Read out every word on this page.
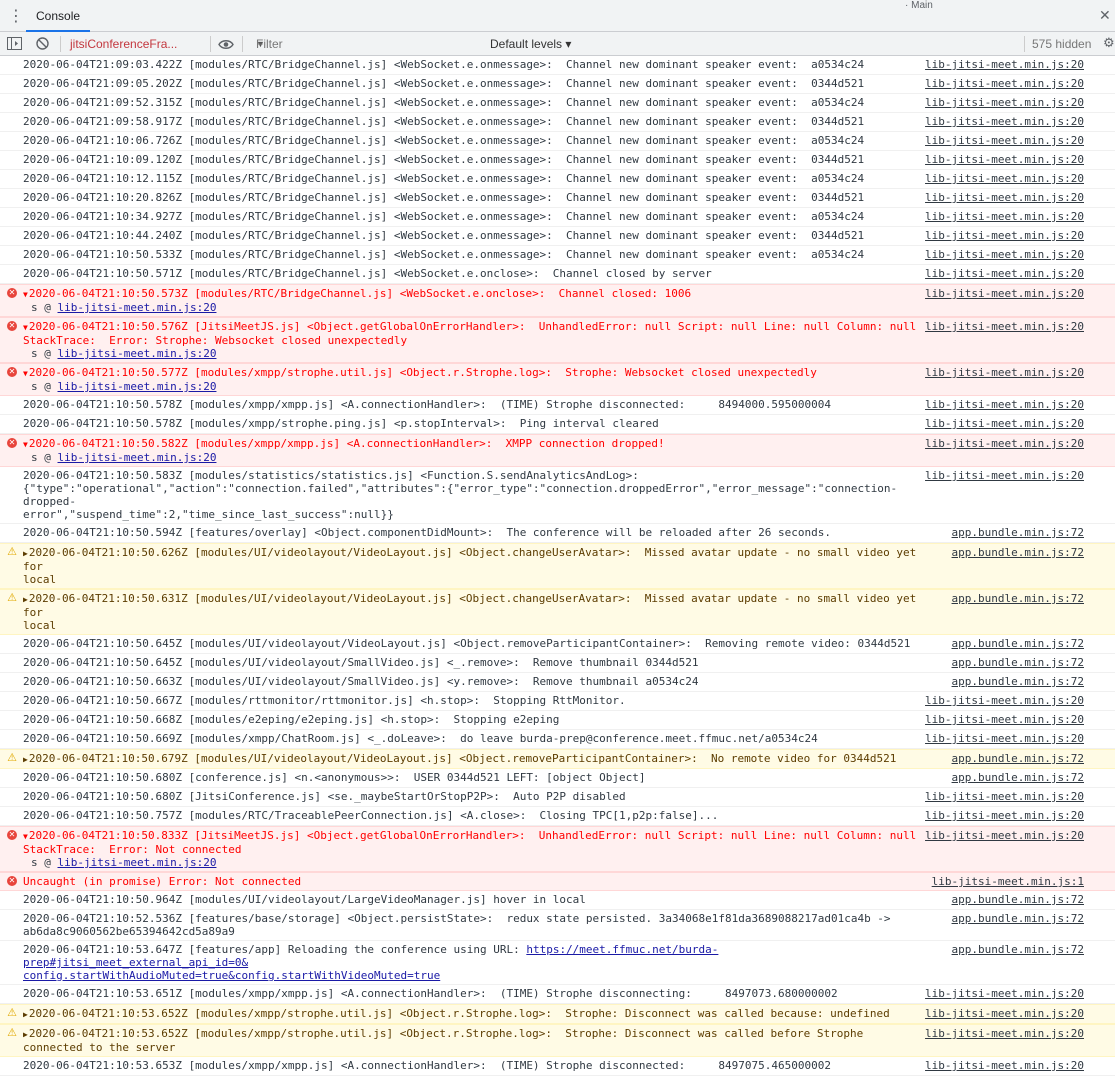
⋮	Console
· Main
✕
jitsiConferenceFra...	▼
Filter	Default levels ▾	575 hidden ⚙
2020-06-04T21:09:03.422Z [modules/RTC/BridgeChannel.js] <WebSocket.e.onmessage>:  Channel new dominant speaker event:  a0534c24	lib-jitsi-meet.min.js:20
2020-06-04T21:09:05.202Z [modules/RTC/BridgeChannel.js] <WebSocket.e.onmessage>:  Channel new dominant speaker event:  0344d521	lib-jitsi-meet.min.js:20
2020-06-04T21:09:52.315Z [modules/RTC/BridgeChannel.js] <WebSocket.e.onmessage>:  Channel new dominant speaker event:  a0534c24	lib-jitsi-meet.min.js:20
2020-06-04T21:09:58.917Z [modules/RTC/BridgeChannel.js] <WebSocket.e.onmessage>:  Channel new dominant speaker event:  0344d521	lib-jitsi-meet.min.js:20
2020-06-04T21:10:06.726Z [modules/RTC/BridgeChannel.js] <WebSocket.e.onmessage>:  Channel new dominant speaker event:  a0534c24	lib-jitsi-meet.min.js:20
2020-06-04T21:10:09.120Z [modules/RTC/BridgeChannel.js] <WebSocket.e.onmessage>:  Channel new dominant speaker event:  0344d521	lib-jitsi-meet.min.js:20
2020-06-04T21:10:12.115Z [modules/RTC/BridgeChannel.js] <WebSocket.e.onmessage>:  Channel new dominant speaker event:  a0534c24	lib-jitsi-meet.min.js:20
2020-06-04T21:10:20.826Z [modules/RTC/BridgeChannel.js] <WebSocket.e.onmessage>:  Channel new dominant speaker event:  0344d521	lib-jitsi-meet.min.js:20
2020-06-04T21:10:34.927Z [modules/RTC/BridgeChannel.js] <WebSocket.e.onmessage>:  Channel new dominant speaker event:  a0534c24	lib-jitsi-meet.min.js:20
2020-06-04T21:10:44.240Z [modules/RTC/BridgeChannel.js] <WebSocket.e.onmessage>:  Channel new dominant speaker event:  0344d521	lib-jitsi-meet.min.js:20
2020-06-04T21:10:50.533Z [modules/RTC/BridgeChannel.js] <WebSocket.e.onmessage>:  Channel new dominant speaker event:  a0534c24	lib-jitsi-meet.min.js:20
2020-06-04T21:10:50.571Z [modules/RTC/BridgeChannel.js] <WebSocket.e.onclose>:  Channel closed by server	lib-jitsi-meet.min.js:20
✕ ▼2020-06-04T21:10:50.573Z [modules/RTC/BridgeChannel.js] <WebSocket.e.onclose>:  Channel closed: 1006
s @ lib-jitsi-meet.min.js:20
lib-jitsi-meet.min.js:20
✕ ▼2020-06-04T21:10:50.576Z [JitsiMeetJS.js] <Object.getGlobalOnErrorHandler>:  UnhandledError: null Script: null Line: null Column: null
StackTrace:  Error: Strophe: Websocket closed unexpectedly
s @ lib-jitsi-meet.min.js:20
lib-jitsi-meet.min.js:20
✕ ▼2020-06-04T21:10:50.577Z [modules/xmpp/strophe.util.js] <Object.r.Strophe.log>:  Strophe: Websocket closed unexpectedly
s @ lib-jitsi-meet.min.js:20
lib-jitsi-meet.min.js:20
2020-06-04T21:10:50.578Z [modules/xmpp/xmpp.js] <A.connectionHandler>:  (TIME) Strophe disconnected:     8494000.595000004	lib-jitsi-meet.min.js:20
2020-06-04T21:10:50.578Z [modules/xmpp/strophe.ping.js] <p.stopInterval>:  Ping interval cleared	lib-jitsi-meet.min.js:20
✕ ▼2020-06-04T21:10:50.582Z [modules/xmpp/xmpp.js] <A.connectionHandler>:  XMPP connection dropped!
s @ lib-jitsi-meet.min.js:20
lib-jitsi-meet.min.js:20
2020-06-04T21:10:50.583Z [modules/statistics/statistics.js] <Function.S.sendAnalyticsAndLog>:
{"type":"operational","action":"connection.failed","attributes":{"error_type":"connection.droppedError","error_message":"connection-dropped-
error","suspend_time":2,"time_since_last_success":null}}
lib-jitsi-meet.min.js:20
2020-06-04T21:10:50.594Z [features/overlay] <Object.componentDidMount>:  The conference will be reloaded after 26 seconds.	app.bundle.min.js:72
⚠ ▶2020-06-04T21:10:50.626Z [modules/UI/videolayout/VideoLayout.js] <Object.changeUserAvatar>:  Missed avatar update - no small video yet for
local
app.bundle.min.js:72
⚠ ▶2020-06-04T21:10:50.631Z [modules/UI/videolayout/VideoLayout.js] <Object.changeUserAvatar>:  Missed avatar update - no small video yet for
local
app.bundle.min.js:72
2020-06-04T21:10:50.645Z [modules/UI/videolayout/VideoLayout.js] <Object.removeParticipantContainer>:  Removing remote video: 0344d521	app.bundle.min.js:72
2020-06-04T21:10:50.645Z [modules/UI/videolayout/SmallVideo.js] <_.remove>:  Remove thumbnail 0344d521	app.bundle.min.js:72
2020-06-04T21:10:50.663Z [modules/UI/videolayout/SmallVideo.js] <y.remove>:  Remove thumbnail a0534c24	app.bundle.min.js:72
2020-06-04T21:10:50.667Z [modules/rttmonitor/rttmonitor.js] <h.stop>:  Stopping RttMonitor.	lib-jitsi-meet.min.js:20
2020-06-04T21:10:50.668Z [modules/e2eping/e2eping.js] <h.stop>:  Stopping e2eping	lib-jitsi-meet.min.js:20
2020-06-04T21:10:50.669Z [modules/xmpp/ChatRoom.js] <_.doLeave>:  do leave burda-prep@conference.meet.ffmuc.net/a0534c24	lib-jitsi-meet.min.js:20
⚠ ▶2020-06-04T21:10:50.679Z [modules/UI/videolayout/VideoLayout.js] <Object.removeParticipantContainer>:  No remote video for 0344d521	app.bundle.min.js:72
2020-06-04T21:10:50.680Z [conference.js] <n.<anonymous>>:  USER 0344d521 LEFT: [object Object]	app.bundle.min.js:72
2020-06-04T21:10:50.680Z [JitsiConference.js] <se._maybeStartOrStopP2P>:  Auto P2P disabled	lib-jitsi-meet.min.js:20
2020-06-04T21:10:50.757Z [modules/RTC/TraceablePeerConnection.js] <A.close>:  Closing TPC[1,p2p:false]...	lib-jitsi-meet.min.js:20
✕ ▼2020-06-04T21:10:50.833Z [JitsiMeetJS.js] <Object.getGlobalOnErrorHandler>:  UnhandledError: null Script: null Line: null Column: null
StackTrace:  Error: Not connected
s @ lib-jitsi-meet.min.js:20
lib-jitsi-meet.min.js:20
✕ Uncaught (in promise) Error: Not connected	lib-jitsi-meet.min.js:1
2020-06-04T21:10:50.964Z [modules/UI/videolayout/LargeVideoManager.js] hover in local	app.bundle.min.js:72
2020-06-04T21:10:52.536Z [features/base/storage] <Object.persistState>:  redux state persisted. 3a34068e1f81da3689088217ad01ca4b ->
ab6da8c9060562be65394642cd5a89a9
app.bundle.min.js:72
2020-06-04T21:10:53.647Z [features/app] Reloading the conference using URL: https://meet.ffmuc.net/burda-prep#jitsi_meet_external_api_id=0&
config.startWithAudioMuted=true&config.startWithVideoMuted=true
app.bundle.min.js:72
2020-06-04T21:10:53.651Z [modules/xmpp/xmpp.js] <A.connectionHandler>:  (TIME) Strophe disconnecting:     8497073.680000002	lib-jitsi-meet.min.js:20
⚠ ▶2020-06-04T21:10:53.652Z [modules/xmpp/strophe.util.js] <Object.r.Strophe.log>:  Strophe: Disconnect was called because: undefined	lib-jitsi-meet.min.js:20
⚠ ▶2020-06-04T21:10:53.652Z [modules/xmpp/strophe.util.js] <Object.r.Strophe.log>:  Strophe: Disconnect was called before Strophe
connected to the server
lib-jitsi-meet.min.js:20
2020-06-04T21:10:53.653Z [modules/xmpp/xmpp.js] <A.connectionHandler>:  (TIME) Strophe disconnected:     8497075.465000002	lib-jitsi-meet.min.js:20
